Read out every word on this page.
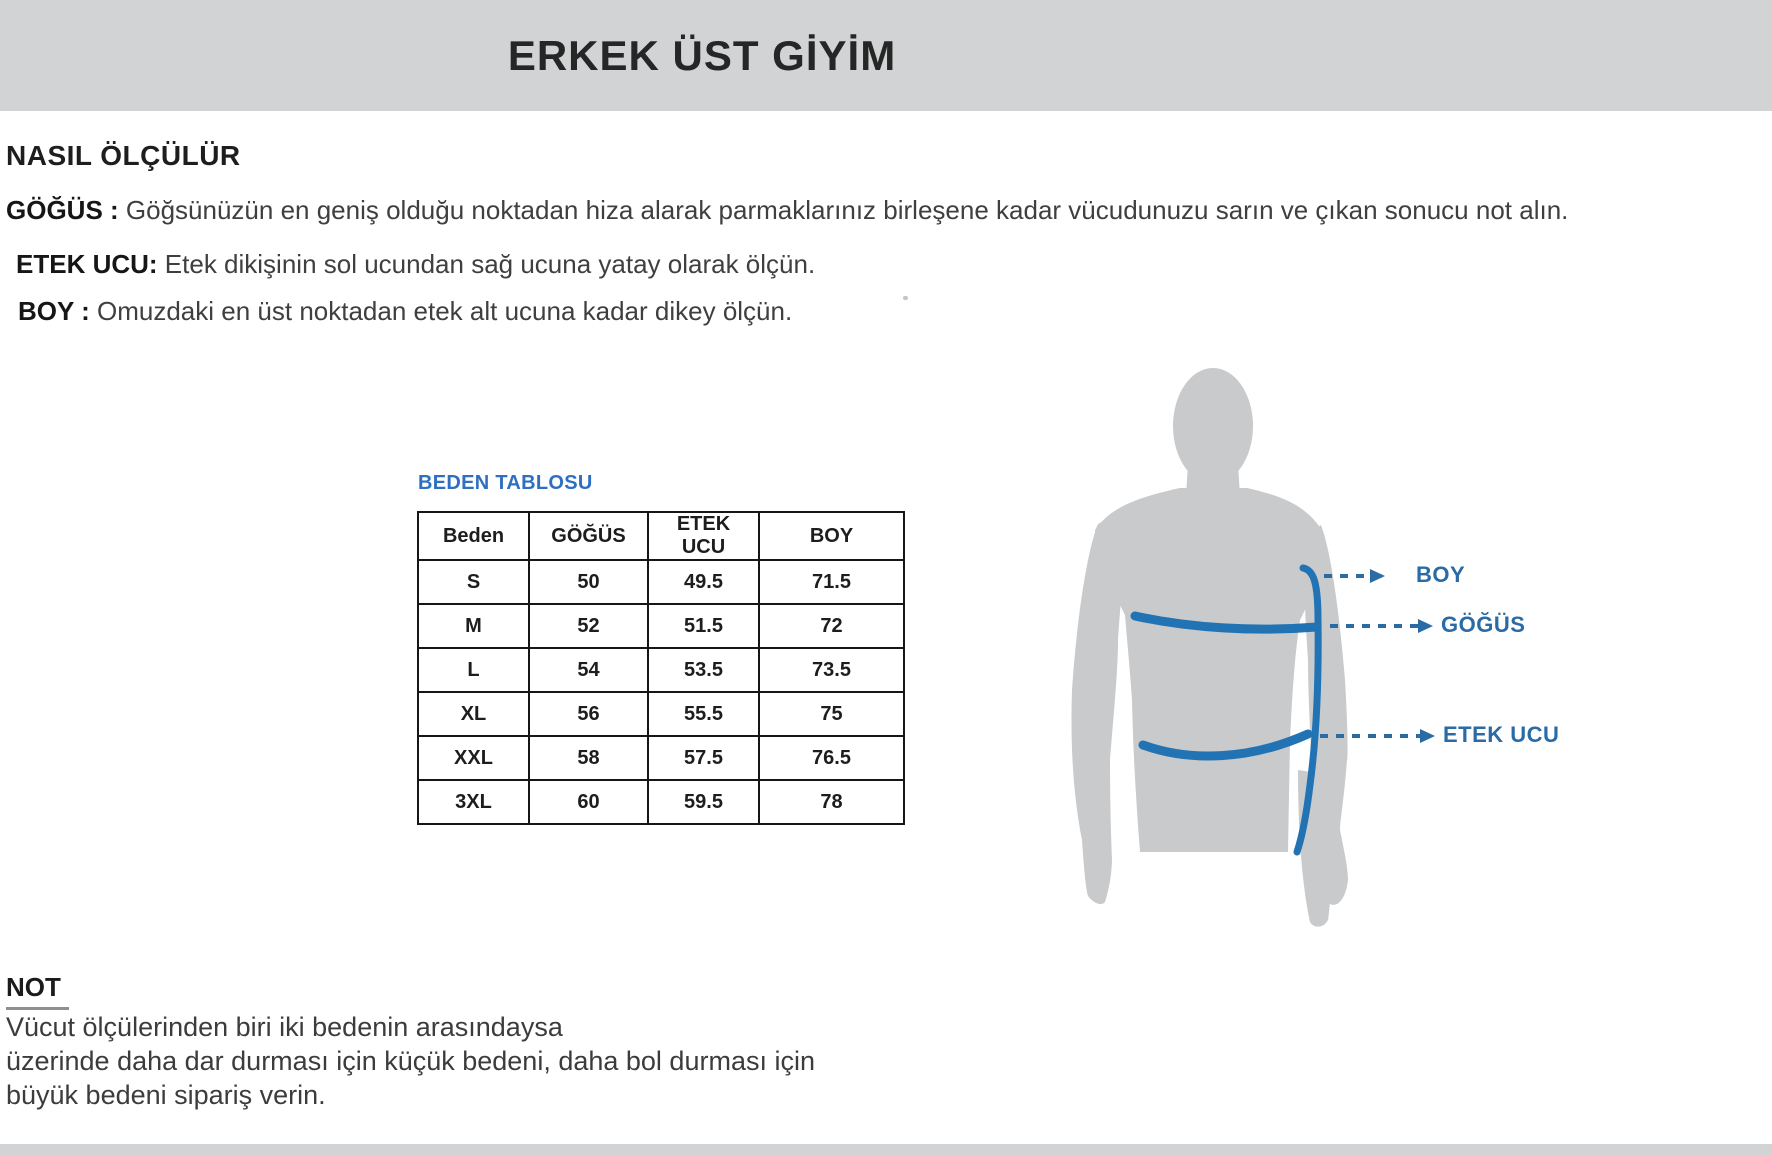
ERKEK ÜST GİYİM
NASIL ÖLÇÜLÜR
GÖĞÜS : Göğsünüzün en geniş olduğu noktadan hiza alarak parmaklarınız birleşene kadar vücudunuzu sarın ve çıkan sonucu not alın.
ETEK UCU: Etek dikişinin sol ucundan sağ ucuna yatay olarak ölçün.
BOY : Omuzdaki en üst noktadan etek alt ucuna kadar dikey ölçün.
BEDEN TABLOSU
Beden	GÖĞÜS	ETEK UCU	BOY
S	50	49.5	71.5
M	52	51.5	72
L	54	53.5	73.5
XL	56	55.5	75
XXL	58	57.5	76.5
3XL	60	59.5	78
BOY
GÖĞÜS
ETEK UCU
NOT
Vücut ölçülerinden biri iki bedenin arasındaysa
üzerinde daha dar durması için küçük bedeni, daha bol durması için
büyük bedeni sipariş verin.
